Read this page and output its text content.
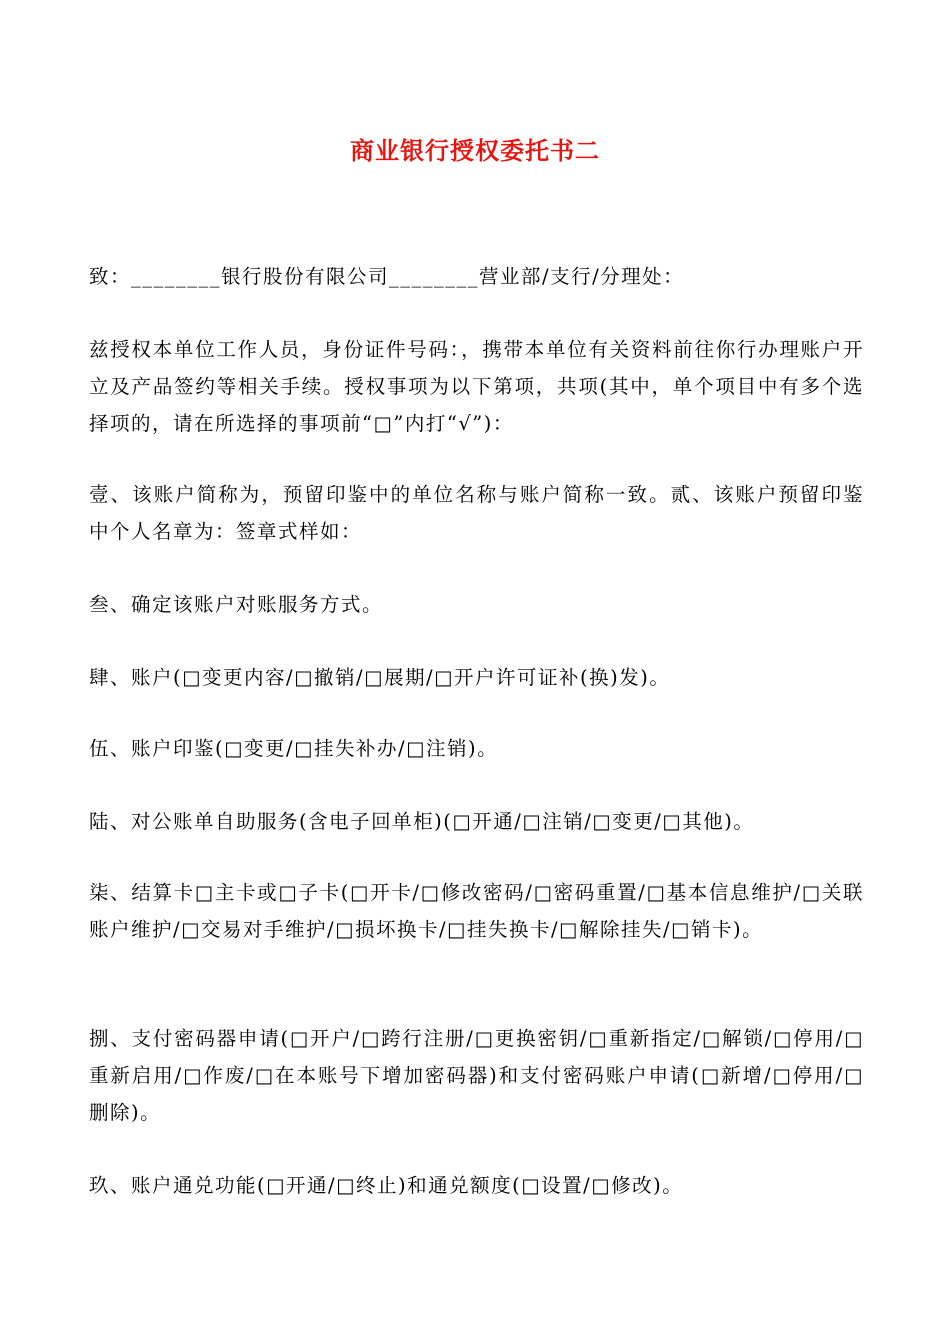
商业银行授权委托书二
致：________银行股份有限公司________营业部/支行/分理处：
兹授权本单位工作人员，身份证件号码：，携带本单位有关资料前往你行办理账户开立及产品签约等相关手续。授权事项为以下第项，共项(其中，单个项目中有多个选择项的，请在所选择的事项前“□”内打“√”)：
壹、该账户简称为，预留印鉴中的单位名称与账户简称一致。贰、该账户预留印鉴中个人名章为：签章式样如：
叁、确定该账户对账服务方式。
肆、账户(□变更内容/□撤销/□展期/□开户许可证补(换)发)。
伍、账户印鉴(□变更/□挂失补办/□注销)。
陆、对公账单自助服务(含电子回单柜)(□开通/□注销/□变更/□其他)。
柒、结算卡□主卡或□子卡(□开卡/□修改密码/□密码重置/□基本信息维护/□关联账户维护/□交易对手维护/□损坏换卡/□挂失换卡/□解除挂失/□销卡)。
捌、支付密码器申请(□开户/□跨行注册/□更换密钥/□重新指定/□解锁/□停用/□重新启用/□作废/□在本账号下增加密码器)和支付密码账户申请(□新增/□停用/□删除)。
玖、账户通兑功能(□开通/□终止)和通兑额度(□设置/□修改)。
